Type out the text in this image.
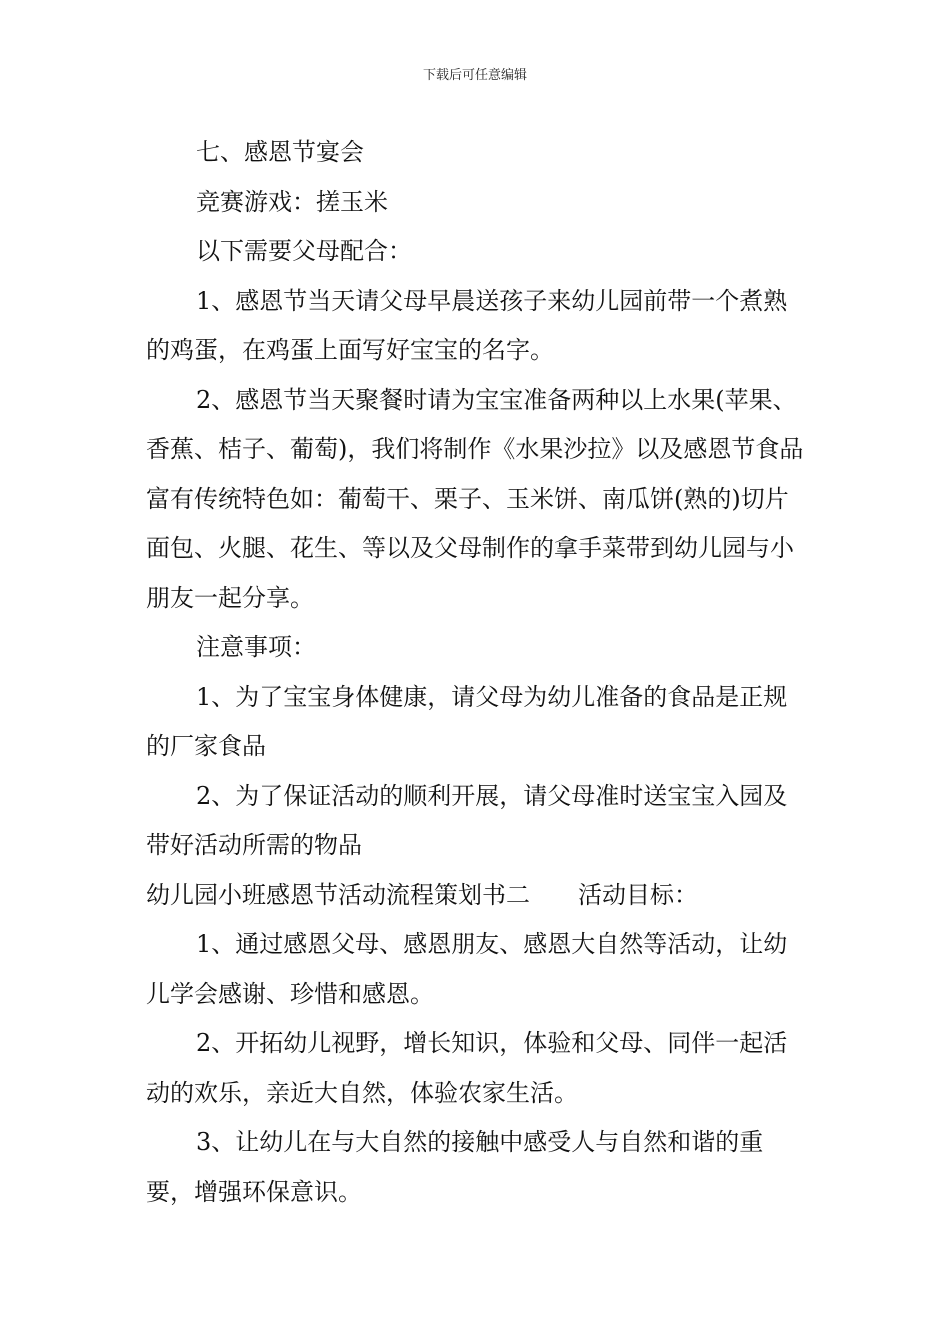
下载后可任意编辑

七、感恩节宴会

竞赛游戏：搓玉米

以下需要父母配合：

1、感恩节当天请父母早晨送孩子来幼儿园前带一个煮熟的鸡蛋，在鸡蛋上面写好宝宝的名字。

2、感恩节当天聚餐时请为宝宝准备两种以上水果(苹果、香蕉、桔子、葡萄)，我们将制作《水果沙拉》以及感恩节食品富有传统特色如：葡萄干、栗子、玉米饼、南瓜饼(熟的)切片面包、火腿、花生、等以及父母制作的拿手菜带到幼儿园与小朋友一起分享。

注意事项：

1、为了宝宝身体健康，请父母为幼儿准备的食品是正规的厂家食品

2、为了保证活动的顺利开展，请父母准时送宝宝入园及带好活动所需的物品

幼儿园小班感恩节活动流程策划书二 活动目标：

1、通过感恩父母、感恩朋友、感恩大自然等活动，让幼儿学会感谢、珍惜和感恩。

2、开拓幼儿视野，增长知识，体验和父母、同伴一起活动的欢乐，亲近大自然，体验农家生活。

3、让幼儿在与大自然的接触中感受人与自然和谐的重要，增强环保意识。
